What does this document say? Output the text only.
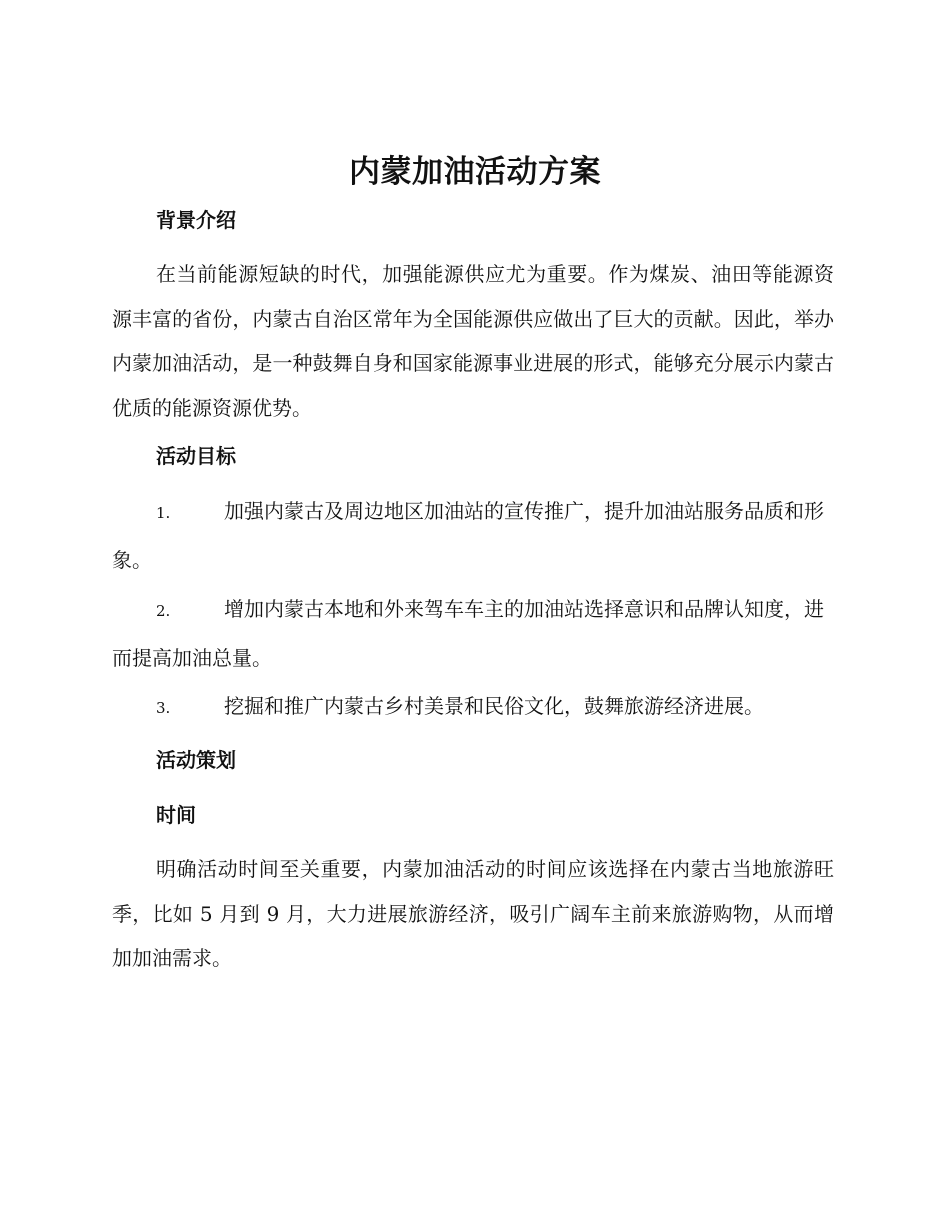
内蒙加油活动方案
背景介绍
在当前能源短缺的时代，加强能源供应尤为重要。作为煤炭、油田等能源资源丰富的省份，内蒙古自治区常年为全国能源供应做出了巨大的贡献。因此，举办内蒙加油活动，是一种鼓舞自身和国家能源事业进展的形式，能够充分展示内蒙古优质的能源资源优势。
活动目标
1.	加强内蒙古及周边地区加油站的宣传推广，提升加油站服务品质和形象。
2.	增加内蒙古本地和外来驾车车主的加油站选择意识和品牌认知度，进而提高加油总量。
3.	挖掘和推广内蒙古乡村美景和民俗文化，鼓舞旅游经济进展。
活动策划
时间
明确活动时间至关重要，内蒙加油活动的时间应该选择在内蒙古当地旅游旺季，比如 5 月到 9 月，大力进展旅游经济，吸引广阔车主前来旅游购物，从而增加加油需求。
